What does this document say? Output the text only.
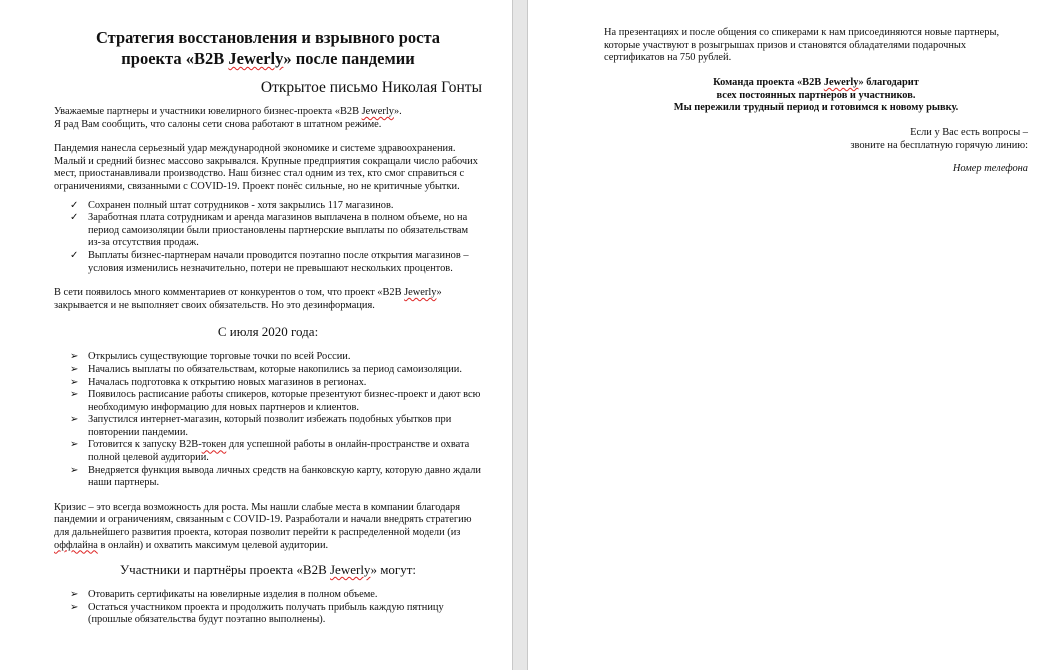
Стратегия восстановления и взрывного роста
проекта «B2B Jewerly» после пандемии
Открытое письмо Николая Гонты
Уважаемые партнеры и участники ювелирного бизнес-проекта «B2B Jewerly».
Я рад Вам сообщить, что салоны сети снова работают в штатном режиме.
Пандемия нанесла серьезный удар международной экономике и системе здравоохранения. Малый и средний бизнес массово закрывался. Крупные предприятия сокращали число рабочих мест, приостанавливали производство. Наш бизнес стал одним из тех, кто смог справиться с ограничениями, связанными с COVID-19. Проект понёс сильные, но не критичные убытки.
✓ Сохранен полный штат сотрудников - хотя закрылись 117 магазинов.
✓ Заработная плата сотрудникам и аренда магазинов выплачена в полном объеме, но на период самоизоляции были приостановлены партнерские выплаты по обязательствам из-за отсутствия продаж.
✓ Выплаты бизнес-партнерам начали проводится поэтапно после открытия магазинов – условия изменились незначительно, потери не превышают нескольких процентов.
В сети появилось много комментариев от конкурентов о том, что проект «B2B Jewerly» закрывается и не выполняет своих обязательств. Но это дезинформация.
С июля 2020 года:
➢ Открылись существующие торговые точки по всей России.
➢ Начались выплаты по обязательствам, которые накопились за период самоизоляции.
➢ Началась подготовка к открытию новых магазинов в регионах.
➢ Появилось расписание работы спикеров, которые презентуют бизнес-проект и дают всю необходимую информацию для новых партнеров и клиентов.
➢ Запустился интернет-магазин, который позволит избежать подобных убытков при повторении пандемии.
➢ Готовится к запуску B2B-токен для успешной работы в онлайн-пространстве и охвата полной целевой аудитории.
➢ Внедряется функция вывода личных средств на банковскую карту, которую давно ждали наши партнеры.
Кризис – это всегда возможность для роста. Мы нашли слабые места в компании благодаря пандемии и ограничениям, связанным с COVID-19. Разработали и начали внедрять стратегию для дальнейшего развития проекта, которая позволит перейти к распределенной модели (из оффлайна в онлайн) и охватить максимум целевой аудитории.
Участники и партнёры проекта «B2B Jewerly» могут:
➢ Отоварить сертификаты на ювелирные изделия в полном объеме.
➢ Остаться участником проекта и продолжить получать прибыль каждую пятницу (прошлые обязательства будут поэтапно выполнены).
На презентациях и после общения со спикерами к нам присоединяются новые партнеры, которые участвуют в розыгрышах призов и становятся обладателями подарочных сертификатов на 750 рублей.
Команда проекта «B2B Jewerly» благодарит
всех постоянных партнеров и участников.
Мы пережили трудный период и готовимся к новому рывку.
Если у Вас есть вопросы –
звоните на бесплатную горячую линию:
Номер телефона
